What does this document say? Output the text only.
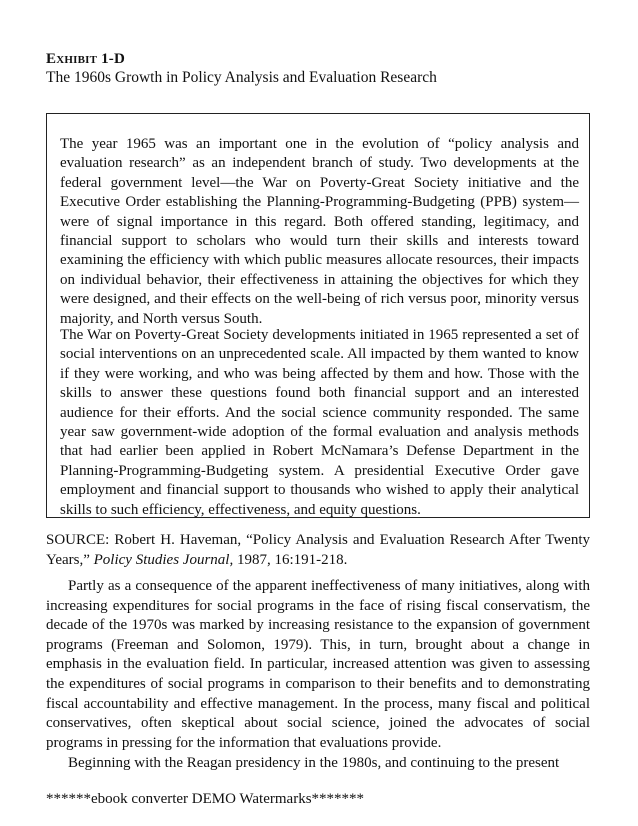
Exhibit 1-D
The 1960s Growth in Policy Analysis and Evaluation Research

The year 1965 was an important one in the evolution of “policy analysis and evaluation research” as an independent branch of study. Two developments at the federal government level—the War on Poverty-Great Society initiative and the Executive Order establishing the Planning-Programming-Budgeting (PPB) system—were of signal importance in this regard. Both offered standing, legitimacy, and financial support to scholars who would turn their skills and interests toward examining the efficiency with which public measures allocate resources, their impacts on individual behavior, their effectiveness in attaining the objectives for which they were designed, and their effects on the well-being of rich versus poor, minority versus majority, and North versus South.

The War on Poverty-Great Society developments initiated in 1965 represented a set of social interventions on an unprecedented scale. All impacted by them wanted to know if they were working, and who was being affected by them and how. Those with the skills to answer these questions found both financial support and an interested audience for their efforts. And the social science community responded. The same year saw government-wide adoption of the formal evaluation and analysis methods that had earlier been applied in Robert McNamara’s Defense Department in the Planning-Programming-Budgeting system. A presidential Executive Order gave employment and financial support to thousands who wished to apply their analytical skills to such efficiency, effectiveness, and equity questions.

SOURCE: Robert H. Haveman, “Policy Analysis and Evaluation Research After Twenty Years,” Policy Studies Journal, 1987, 16:191-218.

Partly as a consequence of the apparent ineffectiveness of many initiatives, along with increasing expenditures for social programs in the face of rising fiscal conservatism, the decade of the 1970s was marked by increasing resistance to the expansion of government programs (Freeman and Solomon, 1979). This, in turn, brought about a change in emphasis in the evaluation field. In particular, increased attention was given to assessing the expenditures of social programs in comparison to their benefits and to demonstrating fiscal accountability and effective management. In the process, many fiscal and political conservatives, often skeptical about social science, joined the advocates of social programs in pressing for the information that evaluations provide.

Beginning with the Reagan presidency in the 1980s, and continuing to the present

******ebook converter DEMO Watermarks*******
